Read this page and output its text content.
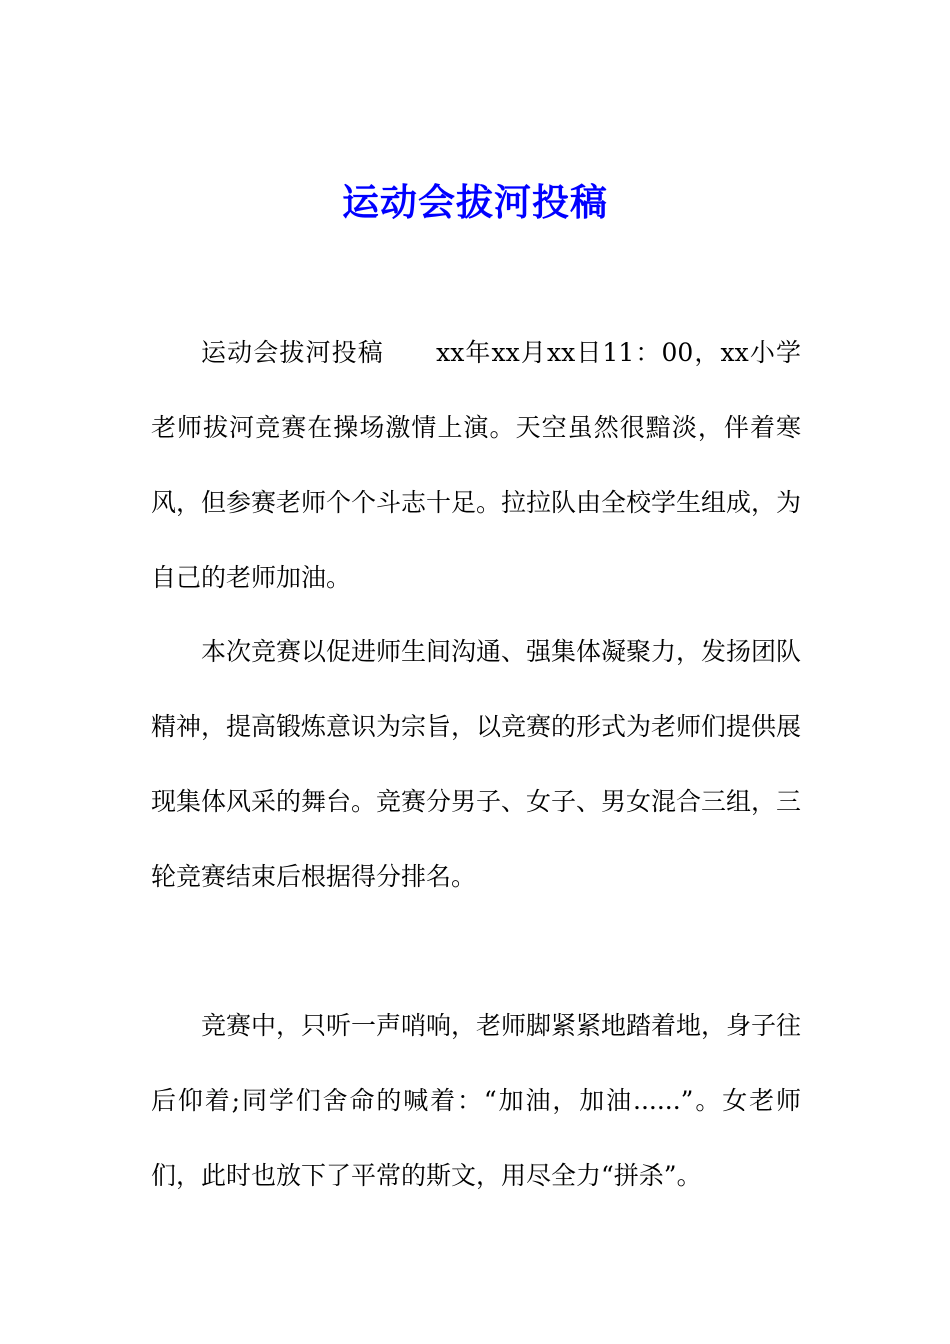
运动会拔河投稿

运动会拔河投稿　　xx年xx月xx日11：00，xx小学老师拔河竞赛在操场激情上演。天空虽然很黯淡，伴着寒风，但参赛老师个个斗志十足。拉拉队由全校学生组成，为自己的老师加油。

本次竞赛以促进师生间沟通、强集体凝聚力，发扬团队精神，提高锻炼意识为宗旨，以竞赛的形式为老师们提供展现集体风采的舞台。竞赛分男子、女子、男女混合三组，三轮竞赛结束后根据得分排名。

竞赛中，只听一声哨响，老师脚紧紧地踏着地，身子往后仰着;同学们舍命的喊着：“加油，加油......”。女老师们，此时也放下了平常的斯文，用尽全力“拼杀”。
